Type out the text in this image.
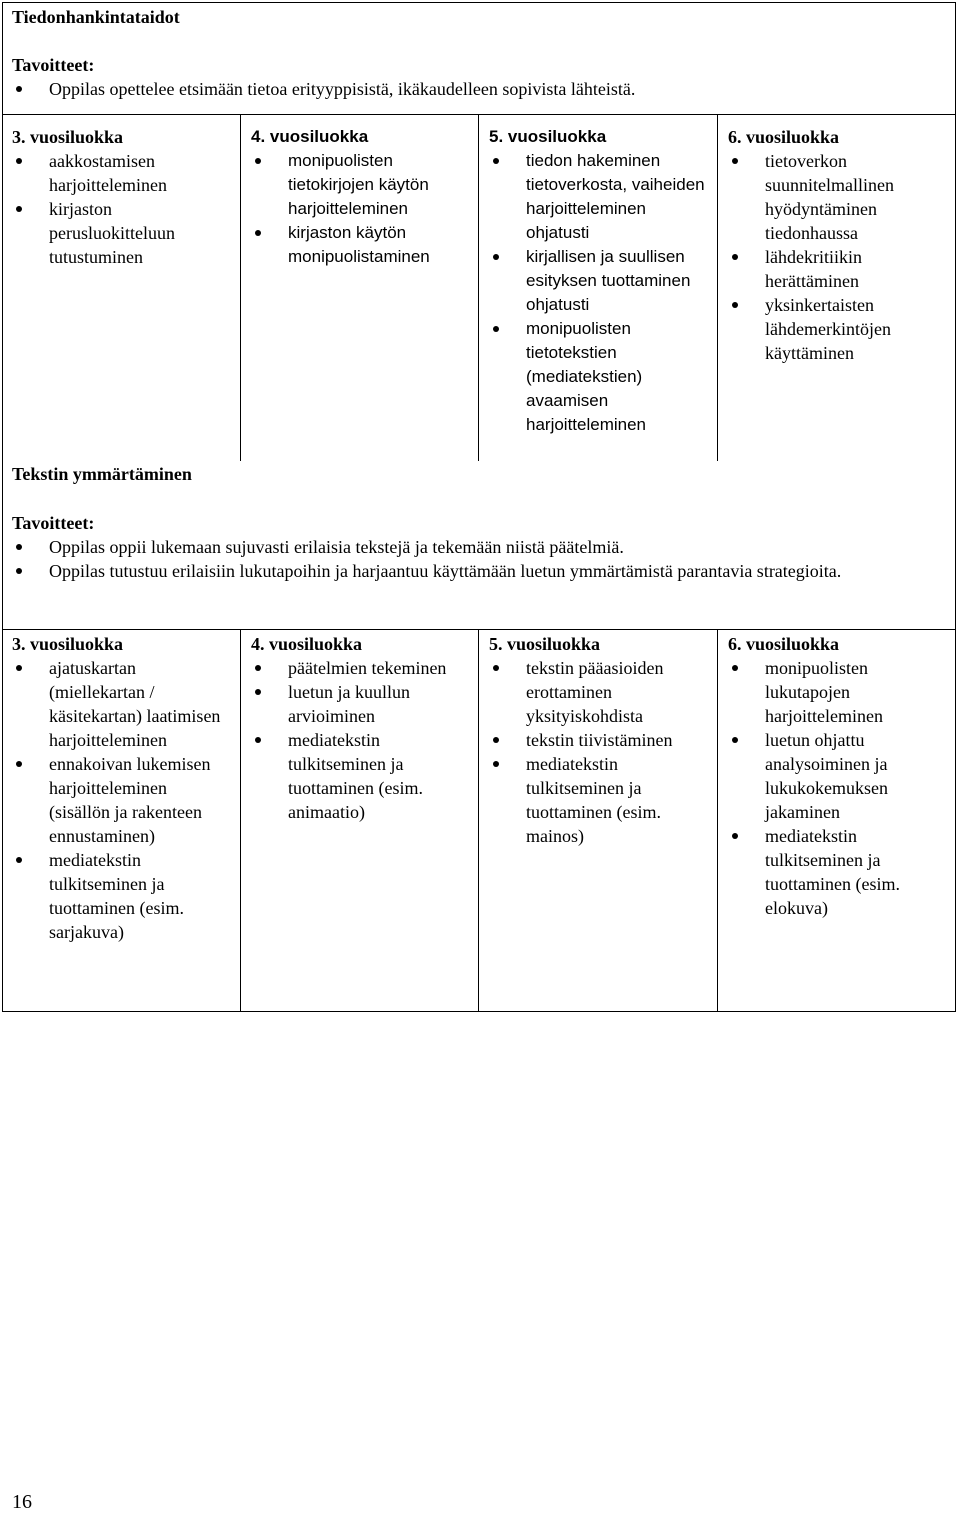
Tiedonhankintataidot
Tavoitteet:
Oppilas opettelee etsimään tietoa erityyppisistä, ikäkaudelleen sopivista lähteistä.
3. vuosiluokka
aakkostamisen harjoitteleminen
kirjaston perusluokitteluun tutustuminen
4. vuosiluokka
monipuolisten tietokirjojen käytön harjoitteleminen
kirjaston käytön monipuolistaminen
5. vuosiluokka
tiedon hakeminen tietoverkosta, vaiheiden harjoitteleminen ohjatusti
kirjallisen ja suullisen esityksen tuottaminen ohjatusti
monipuolisten tietotekstien (mediatekstien) avaamisen harjoitteleminen
6. vuosiluokka
tietoverkon suunnitelmallinen hyödyntäminen tiedonhaussa
lähdekritiikin herättäminen
yksinkertaisten lähdemerkintöjen käyttäminen
Tekstin ymmärtäminen
Tavoitteet:
Oppilas oppii lukemaan sujuvasti erilaisia tekstejä ja tekemään niistä päätelmiä.
Oppilas tutustuu erilaisiin lukutapoihin ja harjaantuu käyttämään luetun ymmärtämistä parantavia strategioita.
3. vuosiluokka
ajatuskartan (miellekartan / käsitekartan) laatimisen harjoitteleminen
ennakoivan lukemisen harjoitteleminen (sisällön ja rakenteen ennustaminen)
mediatekstin tulkitseminen ja tuottaminen (esim. sarjakuva)
4. vuosiluokka
päätelmien tekeminen
luetun ja kuullun arvioiminen
mediatekstin tulkitseminen ja tuottaminen (esim. animaatio)
5. vuosiluokka
tekstin pääasioiden erottaminen yksityiskohdista
tekstin tiivistäminen
mediatekstin tulkitseminen ja tuottaminen (esim. mainos)
6. vuosiluokka
monipuolisten lukutapojen harjoitteleminen
luetun ohjattu analysoiminen ja lukukokemuksen jakaminen
mediatekstin tulkitseminen ja tuottaminen (esim. elokuva)
16
